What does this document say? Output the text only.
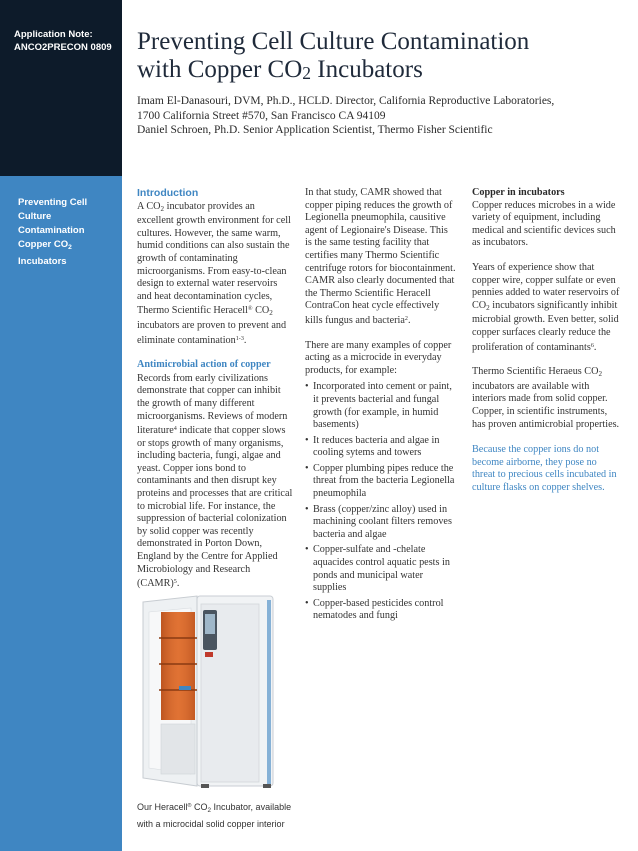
Application Note:
ANCO2PRECON 0809
Preventing Cell Culture
Contamination
Copper $CO_2$ Incubators
Preventing Cell Culture Contamination
with Copper $CO_2$ Incubators
Imam El-Danasouri, DVM, Ph.D., HCLD. Director, California Reproductive Laboratories,
1700 California Street #570, San Francisco CA 94109
Daniel Schroen, Ph.D. Senior Application Scientist, Thermo Fisher Scientific
Introduction

A $CO_2$ incubator provides an excellent growth environment for cell cultures. However, the same warm, humid conditions can also sustain the growth of contaminating microorganisms. From easy-to-clean design to external water reservoirs and heat decontamination cycles, Thermo Scientific Heracell® $CO_2$ incubators are proven to prevent and eliminate contamination$^{1-3}$.

Antimicrobial action of copper

Records from early civilizations demonstrate that copper can inhibit the growth of many different microorganisms. Reviews of modern literature$^4$ indicate that copper slows or stops growth of many organisms, including bacteria, fungi, algae and yeast. Copper ions bond to contaminants and then disrupt key proteins and processes that are critical to microbial life. For instance, the suppression of bacterial colonization by solid copper was recently demonstrated in Porton Down, England by the Centre for Applied Microbiology and Research (CAMR)$^5$.

Our Heracell® $CO_2$ Incubator, available
with a microcidal solid copper interior

In that study, CAMR showed that copper piping reduces the growth of Legionella pneumophila, causitive agent of Legionaire's Disease. This is the same testing facility that certifies many Thermo Scientific centrifuge rotors for biocontainment. CAMR also clearly documented that the Thermo Scientific Heracell ContraCon heat cycle effectively kills fungus and bacteria$^2$.

There are many examples of copper acting as a microcide in everyday products, for example:

• Incorporated into cement or paint, it prevents bacterial and fungal growth (for example, in humid basements)
• It reduces bacteria and algae in cooling sytems and towers
• Copper plumbing pipes reduce the threat from the bacteria Legionella pneumophila
• Brass (copper/zinc alloy) used in machining coolant filters removes bacteria and algae
• Copper-sulfate and -chelate aquacides control aquatic pests in ponds and municipal water supplies
• Copper-based pesticides control nematodes and fungi
Copper in incubators

Copper reduces microbes in a wide variety of equipment, including medical and scientific devices such as incubators.

Years of experience show that copper wire, copper sulfate or even pennies added to water reservoirs of $CO_2$ incubators significantly inhibit microbial growth. Even better, solid copper surfaces clearly reduce the proliferation of contaminants$^6$.

Thermo Scientific Heraeus $CO_2$ incubators are available with interiors made from solid copper. Copper, in scientific instruments, has proven antimicrobial properties.

Because the copper ions do not become airborne, they pose no threat to precious cells incubated in culture flasks on copper shelves.
